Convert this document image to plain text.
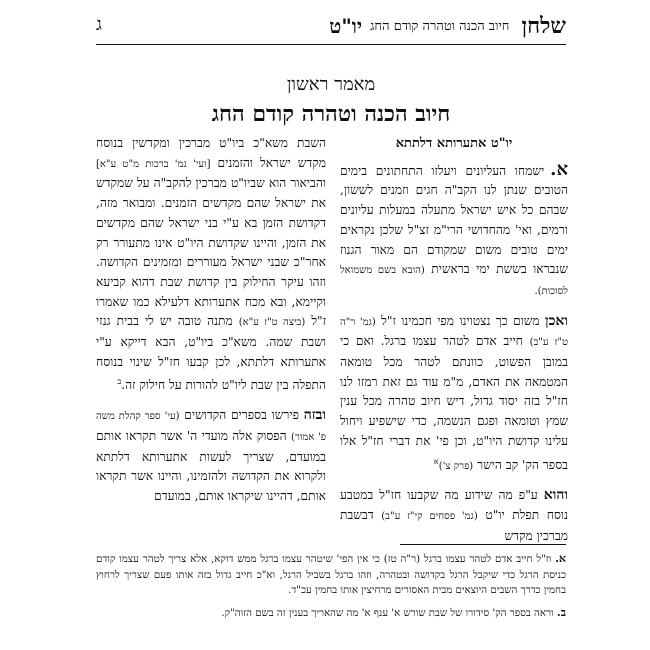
שלחן
חיוב הכנה וטהרה קודם החג
יו"ט
ג
מאמר ראשון
חיוב הכנה וטהרה קודם החג

יו"ט אתערותא דלתתא

א.ישמחו העליונים ויעלזו התחתונים בימים הטובים שנתן לנו הקב"ה חגים וזמנים לששון, שבהם כל איש ישראל מתעלה במעלות עליונים ורמים, ואי' מהחדושי הרי"מ זצ"ל שלכן נקראים ימים טובים משום שמקודם הם מאור הגנוז שנבראו בששת ימי בראשית (הובא בשם משמואל לסוכות).

ואכן משום כך נצטוינו מפי חכמינו ז"ל (גמ' ר"ה ט"ז ע"ב) חייב אדם לטהר עצמו ברגל. ואם כי במובן הפשוט, כוונתם לטהר מכל טומאה המטמאה את האדם, מ"מ עוד גם זאת רמזו לנו חז"ל בזה יסוד גדול, דיש חיוב טהרה מכל ענין שמץ וטומאה ופגם הנשמה, כדי שישפיע ויחול עלינו קדושת היו"ט, וכן פי' את דברי חז"ל אלו בספר הק' קב הישר (פרק צ')$^א$

והוא ע"פ מה שידוע מה שקבעו חז"ל במטבע נוסח תפלת יו"ט (גמ' פסחים קי"ז ע"ב) דבשבת מברכין מקדש

השבת משא"כ ביו"ט מברכין ומקדשין בנוסח מקדש ישראל והזמנים [ועי' גמ' ברכות מ"ט ע"א] והביאור הוא שביו"ט מברכין להקב"ה על שמקדש את ישראל שהם מקדשים הזמנים. ומבואר מזה, דקדושת הזמן בא ע"י בני ישראל שהם מקדשים את הזמן, והיינו שקדושת היו"ט אינו מתעורר רק אחר"כ שבני ישראל מעוררים ומזמינים הקדושה. וזהו עיקר החילוק בין קדושת שבת דהוא קביעא וקיימא, ובא מכח אתערותא דלעילא כמו שאמרו ז"ל (ביצה ט"ז ע"א) מתנה טובה יש לי בבית גנזי ושבת שמה. משא"כ ביו"ט, הבא דייקא ע"י אתערותא דלתתא, לכן קבעו חז"ל שינוי בנוסח התפלה בין שבת ליו"ט להורות על חילוק זה.$^ב$

ובזה פירשו בספרים הקדושים (עי' ספר קהלת משה פ' אמור) הפסוק אלה מועדי ה' אשר תקראו אותם במועדם, שצריך לעשות אתערותא דלתתא ולקרוא את הקדושה ולהזמינו, והיינו אשר תקראו אותם, דהיינו שיקראו אותם, במועדם

א. וז"ל חייב אדם לטהר עצמו ברגל (ר"ה טז) כי אין הפי' שיטהר עצמו ברגל ממש דוקא, אלא צריך לטהר עצמו קודם כניסת הרגל כדי שיקבל הרגל בקדושה ובטהרה, וזהו ברגל בשביל הרגל, וא"כ חייב גדול בזה אותו פעם שצריך לרחוץ בחמין כדרך השבים היוצאים מבית האסורים מרחיצין אותו בחמין עכ"ד.

ב. וראה בספר הק' סידורו של שבת שורש א' ענף א' מה שהאריך בענין זה בשם הזוה"ק.
